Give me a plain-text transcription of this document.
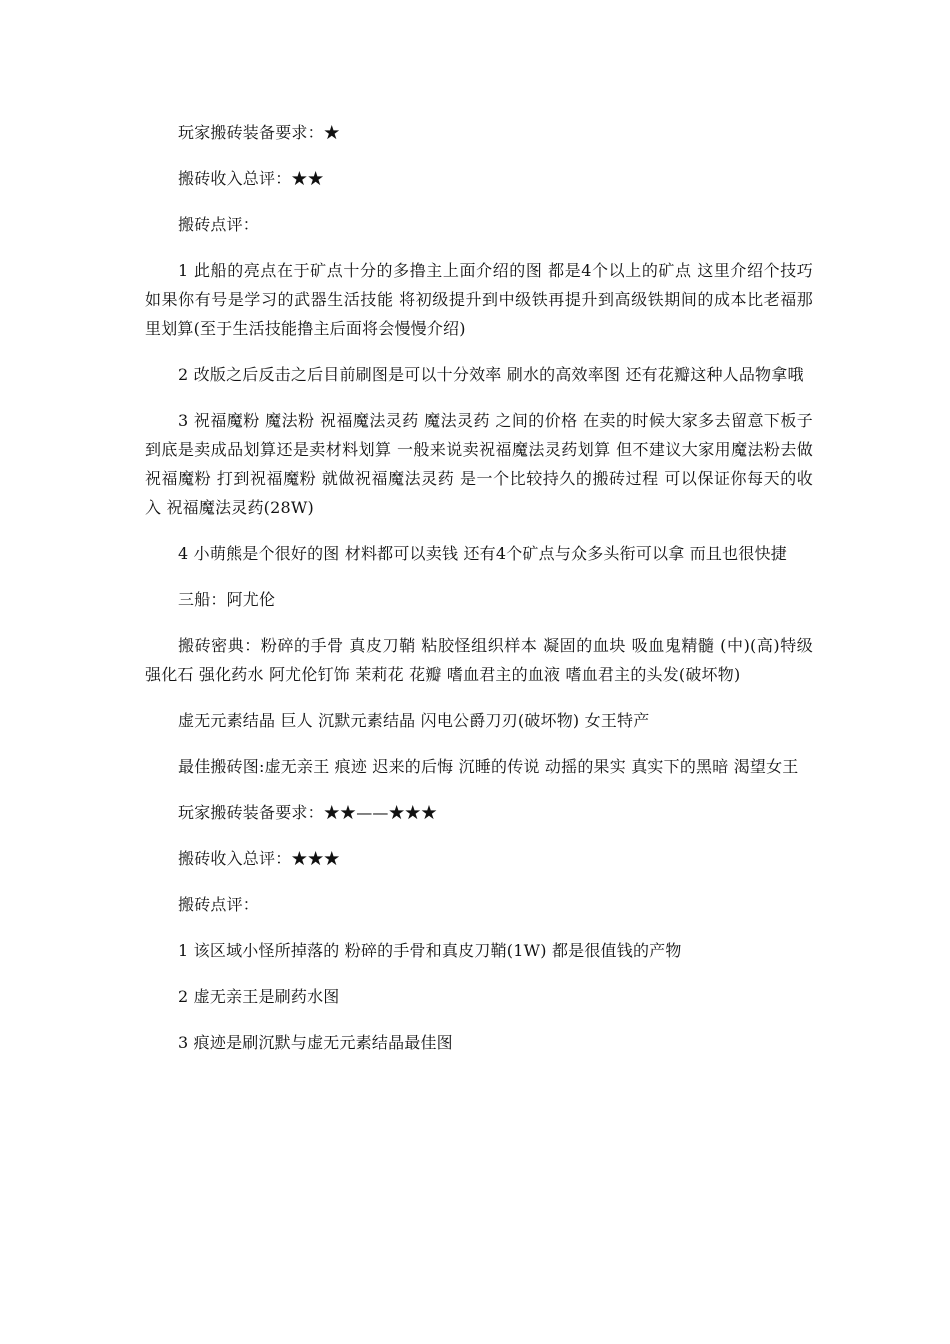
玩家搬砖装备要求：★

搬砖收入总评：★★

搬砖点评：

1 此船的亮点在于矿点十分的多撸主上面介绍的图 都是4个以上的矿点 这里介绍个技巧 如果你有号是学习的武器生活技能 将初级提升到中级铁再提升到高级铁期间的成本比老福那里划算(至于生活技能撸主后面将会慢慢介绍)

2 改版之后反击之后目前刷图是可以十分效率 刷水的高效率图 还有花瓣这种人品物拿哦

3 祝福魔粉 魔法粉 祝福魔法灵药 魔法灵药 之间的价格 在卖的时候大家多去留意下板子 到底是卖成品划算还是卖材料划算 一般来说卖祝福魔法灵药划算 但不建议大家用魔法粉去做祝福魔粉 打到祝福魔粉 就做祝福魔法灵药 是一个比较持久的搬砖过程 可以保证你每天的收入 祝福魔法灵药(28W)

4 小萌熊是个很好的图 材料都可以卖钱 还有4个矿点与众多头衔可以拿 而且也很快捷

三船：阿尤伦

搬砖密典：粉碎的手骨 真皮刀鞘 粘胶怪组织样本 凝固的血块 吸血鬼精髓 (中)(高)特级强化石 强化药水 阿尤伦钉饰 茉莉花 花瓣 嗜血君主的血液 嗜血君主的头发(破坏物)

虚无元素结晶 巨人 沉默元素结晶 闪电公爵刀刃(破坏物) 女王特产

最佳搬砖图:虚无亲王 痕迹 迟来的后悔 沉睡的传说 动摇的果实 真实下的黑暗 渴望女王

玩家搬砖装备要求：★★——★★★

搬砖收入总评：★★★

搬砖点评：

1 该区域小怪所掉落的 粉碎的手骨和真皮刀鞘(1W) 都是很值钱的产物

2 虚无亲王是刷药水图

3 痕迹是刷沉默与虚无元素结晶最佳图
